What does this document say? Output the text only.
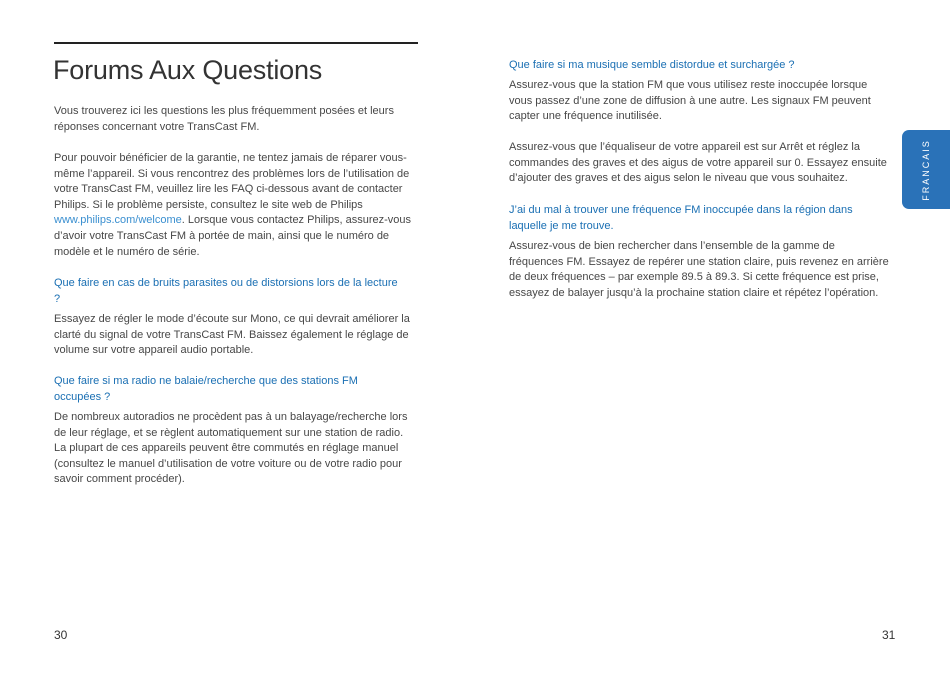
Forums Aux Questions

Vous trouverez ici les questions les plus fréquemment posées et leurs réponses concernant votre TransCast FM.

Pour pouvoir bénéficier de la garantie, ne tentez jamais de réparer vous-même l’appareil. Si vous rencontrez des problèmes lors de l’utilisation de votre TransCast FM, veuillez lire les FAQ ci-dessous avant de contacter Philips. Si le problème persiste, consultez le site web de Philips www.philips.com/welcome. Lorsque vous contactez Philips, assurez-vous d’avoir votre TransCast FM à portée de main, ainsi que le numéro de modèle et le numéro de série.

Que faire en cas de bruits parasites ou de distorsions lors de la lecture ?

Essayez de régler le mode d’écoute sur Mono, ce qui devrait améliorer la clarté du signal de votre TransCast FM. Baissez également le réglage de volume sur votre appareil audio portable.

Que faire si ma radio ne balaie/recherche que des stations FM occupées ?

De nombreux autoradios ne procèdent pas à un balayage/recherche lors de leur réglage, et se règlent automatiquement sur une station de radio. La plupart de ces appareils peuvent être commutés en réglage manuel (consultez le manuel d’utilisation de votre voiture ou de votre radio pour savoir comment procéder).

Que faire si ma musique semble distordue et surchargée ?

Assurez-vous que la station FM que vous utilisez reste inoccupée lorsque vous passez d’une zone de diffusion à une autre. Les signaux FM peuvent capter une fréquence inutilisée.

Assurez-vous que l’équaliseur de votre appareil est sur Arrêt et réglez la commandes des graves et des aigus de votre appareil sur 0. Essayez ensuite d’ajouter des graves et des aigus selon le niveau que vous souhaitez.

J’ai du mal à trouver une fréquence FM inoccupée dans la région dans laquelle je me trouve.

Assurez-vous de bien rechercher dans l’ensemble de la gamme de fréquences FM. Essayez de repérer une station claire, puis revenez en arrière de deux fréquences – par exemple 89.5 à 89.3. Si cette fréquence est prise, essayez de balayer jusqu’à la prochaine station claire et répétez l’opération.

FRANCAIS
30	31
